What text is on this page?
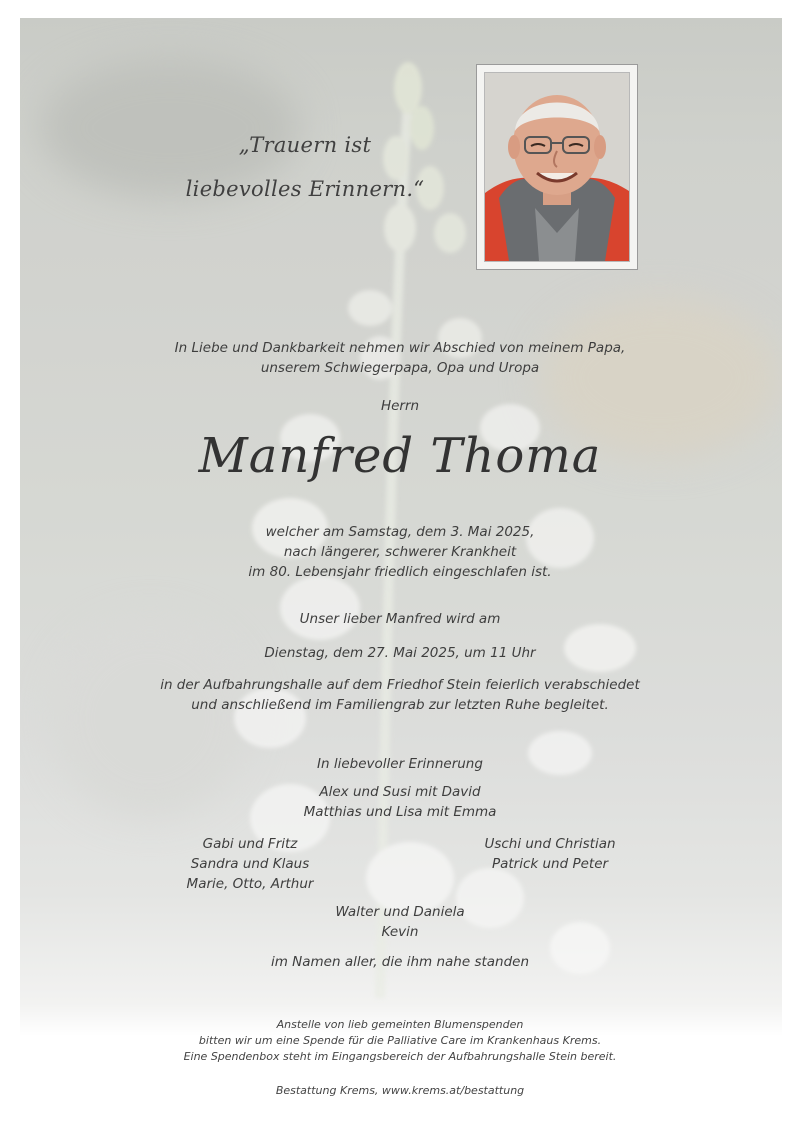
„Trauern ist
liebevolles Erinnern.“
In Liebe und Dankbarkeit nehmen wir Abschied von meinem Papa,
unserem Schwiegerpapa, Opa und Uropa
Herrn
Manfred Thoma
welcher am Samstag, dem 3. Mai 2025,
nach längerer, schwerer Krankheit
im 80. Lebensjahr friedlich eingeschlafen ist.
Unser lieber Manfred wird am
Dienstag, dem 27. Mai 2025, um 11 Uhr
in der Aufbahrungshalle auf dem Friedhof Stein feierlich verabschiedet
und anschließend im Familiengrab zur letzten Ruhe begleitet.
In liebevoller Erinnerung
Alex und Susi mit David
Matthias und Lisa mit Emma
Gabi und Fritz
Sandra und Klaus
Marie, Otto, Arthur
Uschi und Christian
Patrick und Peter
Walter und Daniela
Kevin
im Namen aller, die ihm nahe standen
Anstelle von lieb gemeinten Blumenspenden
bitten wir um eine Spende für die Palliative Care im Krankenhaus Krems.
Eine Spendenbox steht im Eingangsbereich der Aufbahrungshalle Stein bereit.
Bestattung Krems, www.krems.at/bestattung
